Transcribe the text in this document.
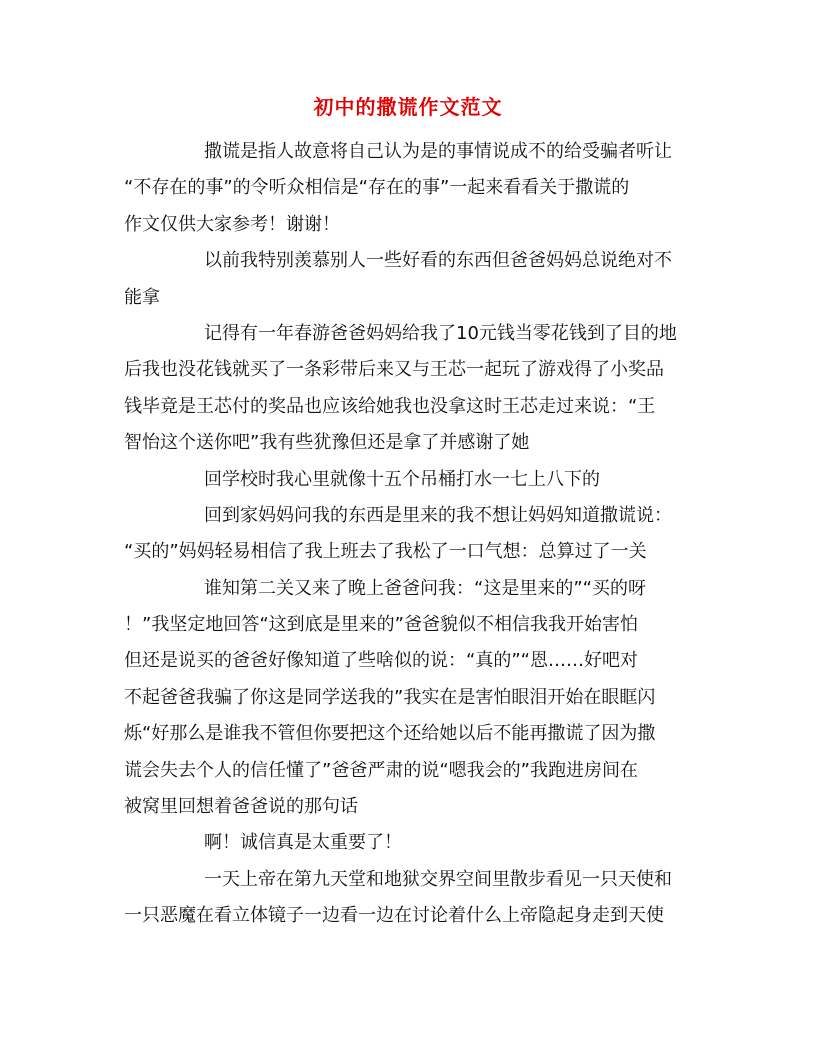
初中的撒谎作文范文
撒谎是指人故意将自己认为是的事情说成不的给受骗者听让
“不存在的事”的令听众相信是“存在的事”一起来看看关于撒谎的
作文仅供大家参考！谢谢！
以前我特别羡慕别人一些好看的东西但爸爸妈妈总说绝对不
能拿
记得有一年春游爸爸妈妈给我了10元钱当零花钱到了目的地
后我也没花钱就买了一条彩带后来又与王芯一起玩了游戏得了小奖品
钱毕竟是王芯付的奖品也应该给她我也没拿这时王芯走过来说：“王
智怡这个送你吧”我有些犹豫但还是拿了并感谢了她
回学校时我心里就像十五个吊桶打水一七上八下的
回到家妈妈问我的东西是里来的我不想让妈妈知道撒谎说：
“买的”妈妈轻易相信了我上班去了我松了一口气想：总算过了一关
谁知第二关又来了晚上爸爸问我：“这是里来的”“买的呀
！”我坚定地回答“这到底是里来的”爸爸貌似不相信我我开始害怕
但还是说买的爸爸好像知道了些啥似的说：“真的”“恩……好吧对
不起爸爸我骗了你这是同学送我的”我实在是害怕眼泪开始在眼眶闪
烁“好那么是谁我不管但你要把这个还给她以后不能再撒谎了因为撒
谎会失去个人的信任懂了”爸爸严肃的说“嗯我会的”我跑进房间在
被窝里回想着爸爸说的那句话
啊！诚信真是太重要了！
一天上帝在第九天堂和地狱交界空间里散步看见一只天使和
一只恶魔在看立体镜子一边看一边在讨论着什么上帝隐起身走到天使
